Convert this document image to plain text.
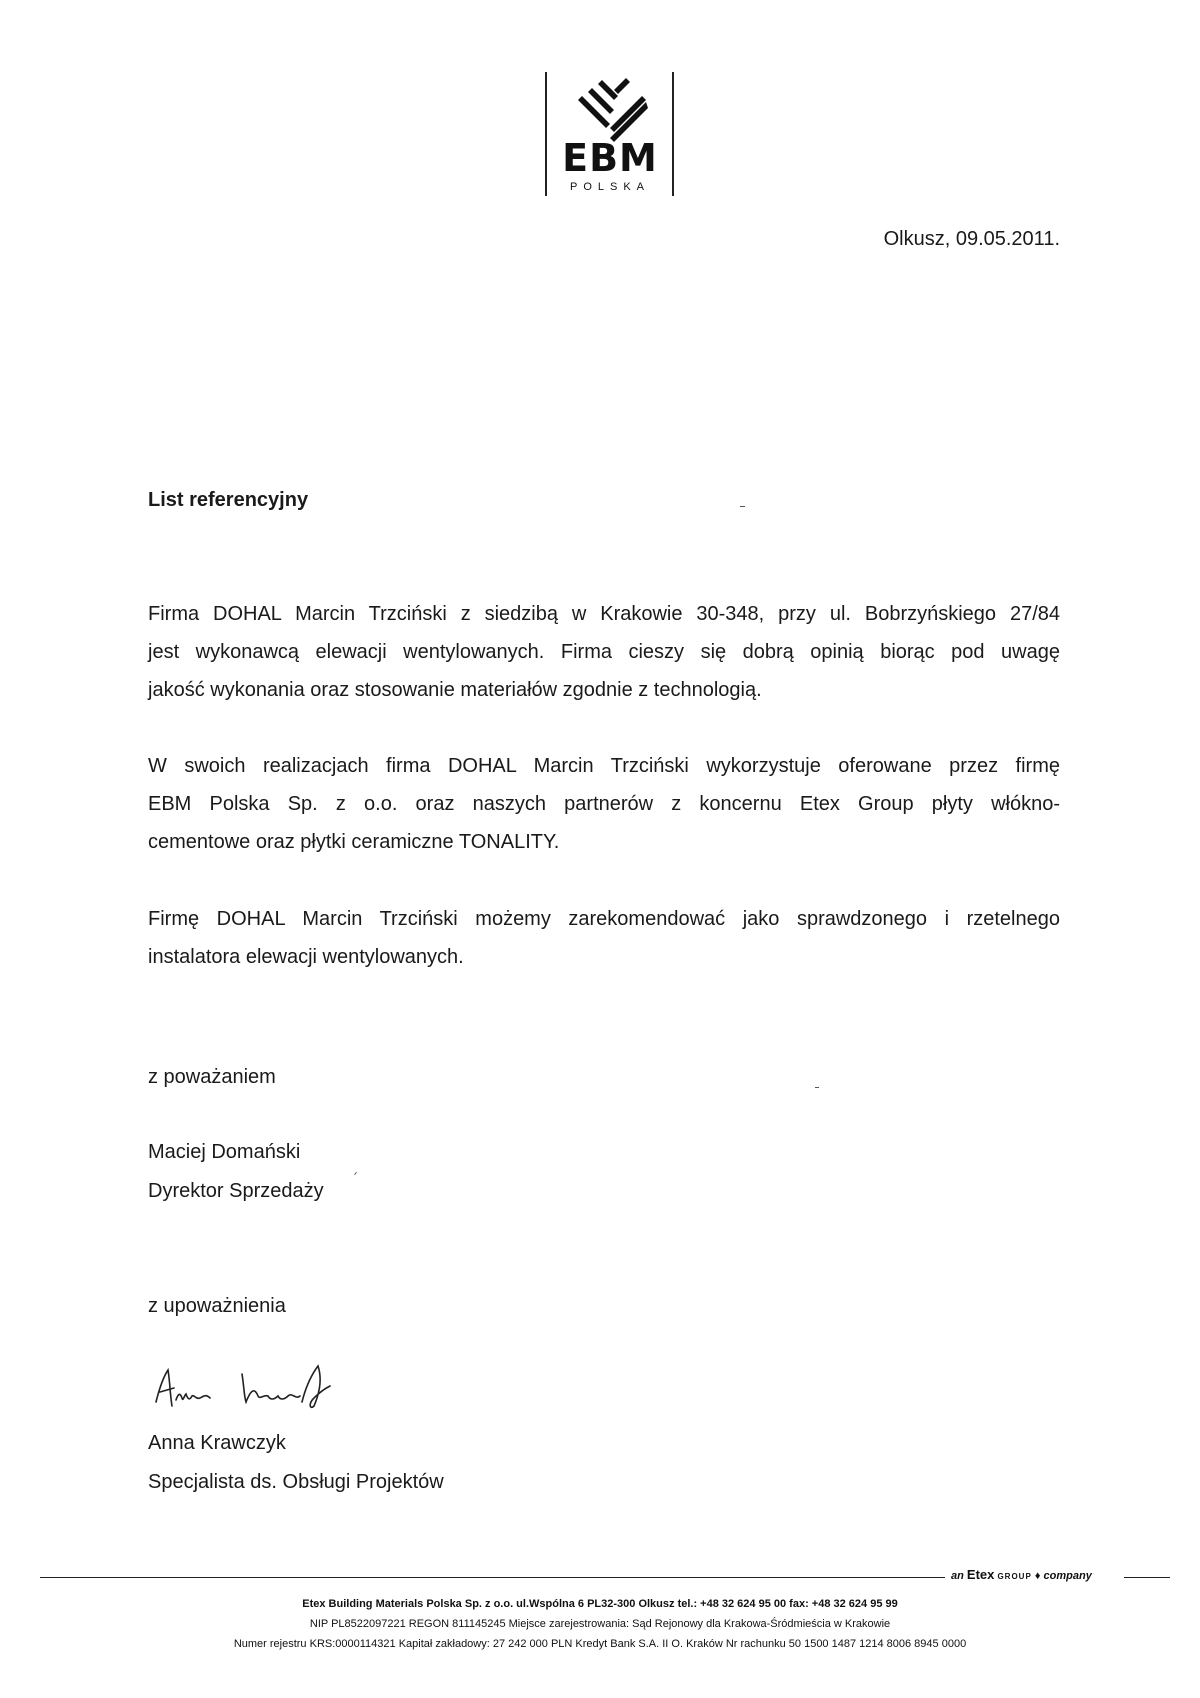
EBM
POLSKA
Olkusz, 09.05.2011.
List referencyjny

Firma DOHAL Marcin Trzciński z siedzibą w Krakowie 30-348, przy ul. Bobrzyńskiego 27/84
jest wykonawcą elewacji wentylowanych. Firma cieszy się dobrą opinią biorąc pod uwagę
jakość wykonania oraz stosowanie materiałów zgodnie z technologią.

W swoich realizacjach firma DOHAL Marcin Trzciński wykorzystuje oferowane przez firmę
EBM Polska Sp. z o.o. oraz naszych partnerów z koncernu Etex Group płyty włókno-
cementowe oraz płytki ceramiczne TONALITY.

Firmę DOHAL Marcin Trzciński możemy zarekomendować jako sprawdzonego i rzetelnego
instalatora elewacji wentylowanych.

z poważaniem
Maciej Domański
Dyrektor Sprzedaży
z upoważnienia
Anna Krawczyk
Specjalista ds. Obsługi Projektów
an Etex GROUP ♦ company
Etex Building Materials Polska Sp. z o.o. ul.Wspólna 6 PL32-300 Olkusz tel.: +48 32 624 95 00 fax: +48 32 624 95 99
NIP PL8522097221 REGON 811145245 Miejsce zarejestrowania: Sąd Rejonowy dla Krakowa-Śródmieścia w Krakowie
Numer rejestru KRS:0000114321 Kapitał zakładowy: 27 242 000 PLN Kredyt Bank S.A. II O. Kraków Nr rachunku 50 1500 1487 1214 8006 8945 0000
